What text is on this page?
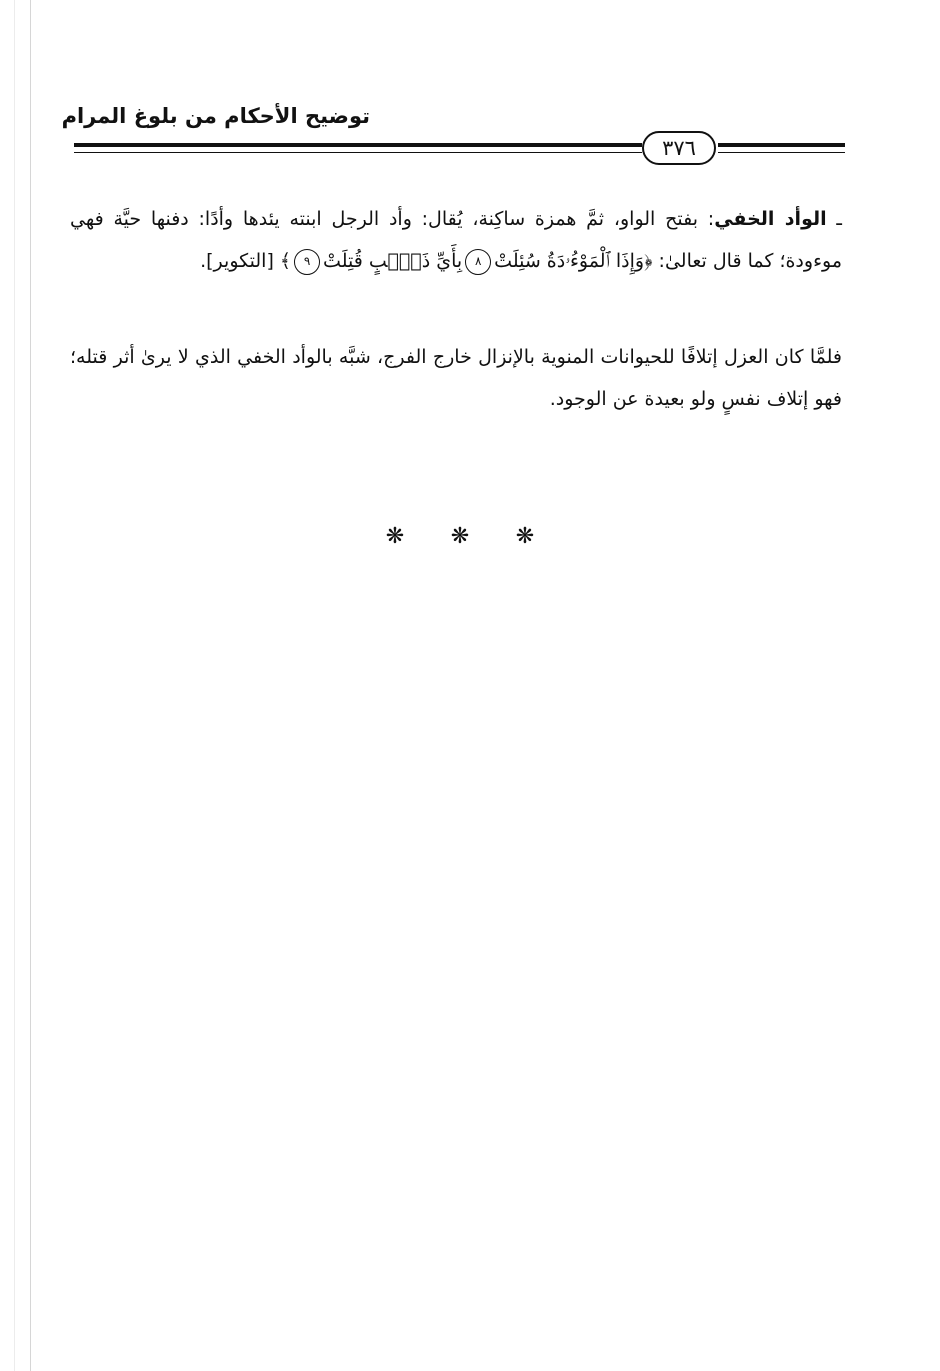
توضيح الأحكام من بلوغ المرام
٣٧٦
ـ الوأد الخفي: بفتح الواو، ثمَّ همزة ساكِنة، يُقال: وأد الرجل ابنته يئدها وأدًا: دفنها حيَّة فهي موءودة؛ كما قال تعالىٰ: ﴿وَإِذَا ٱلْمَوْءُۥدَةُ سُئِلَتْ٨بِأَيِّ ذَنْۢبٍ قُتِلَتْ٩﴾ [التكوير].
فلمَّا كان العزل إتلافًا للحيوانات المنوية بالإنزال خارج الفرج، شبَّه بالوأد الخفي الذي لا يرىٰ أثر قتله؛ فهو إتلاف نفسٍ ولو بعيدة عن الوجود.
❋ ❋ ❋
